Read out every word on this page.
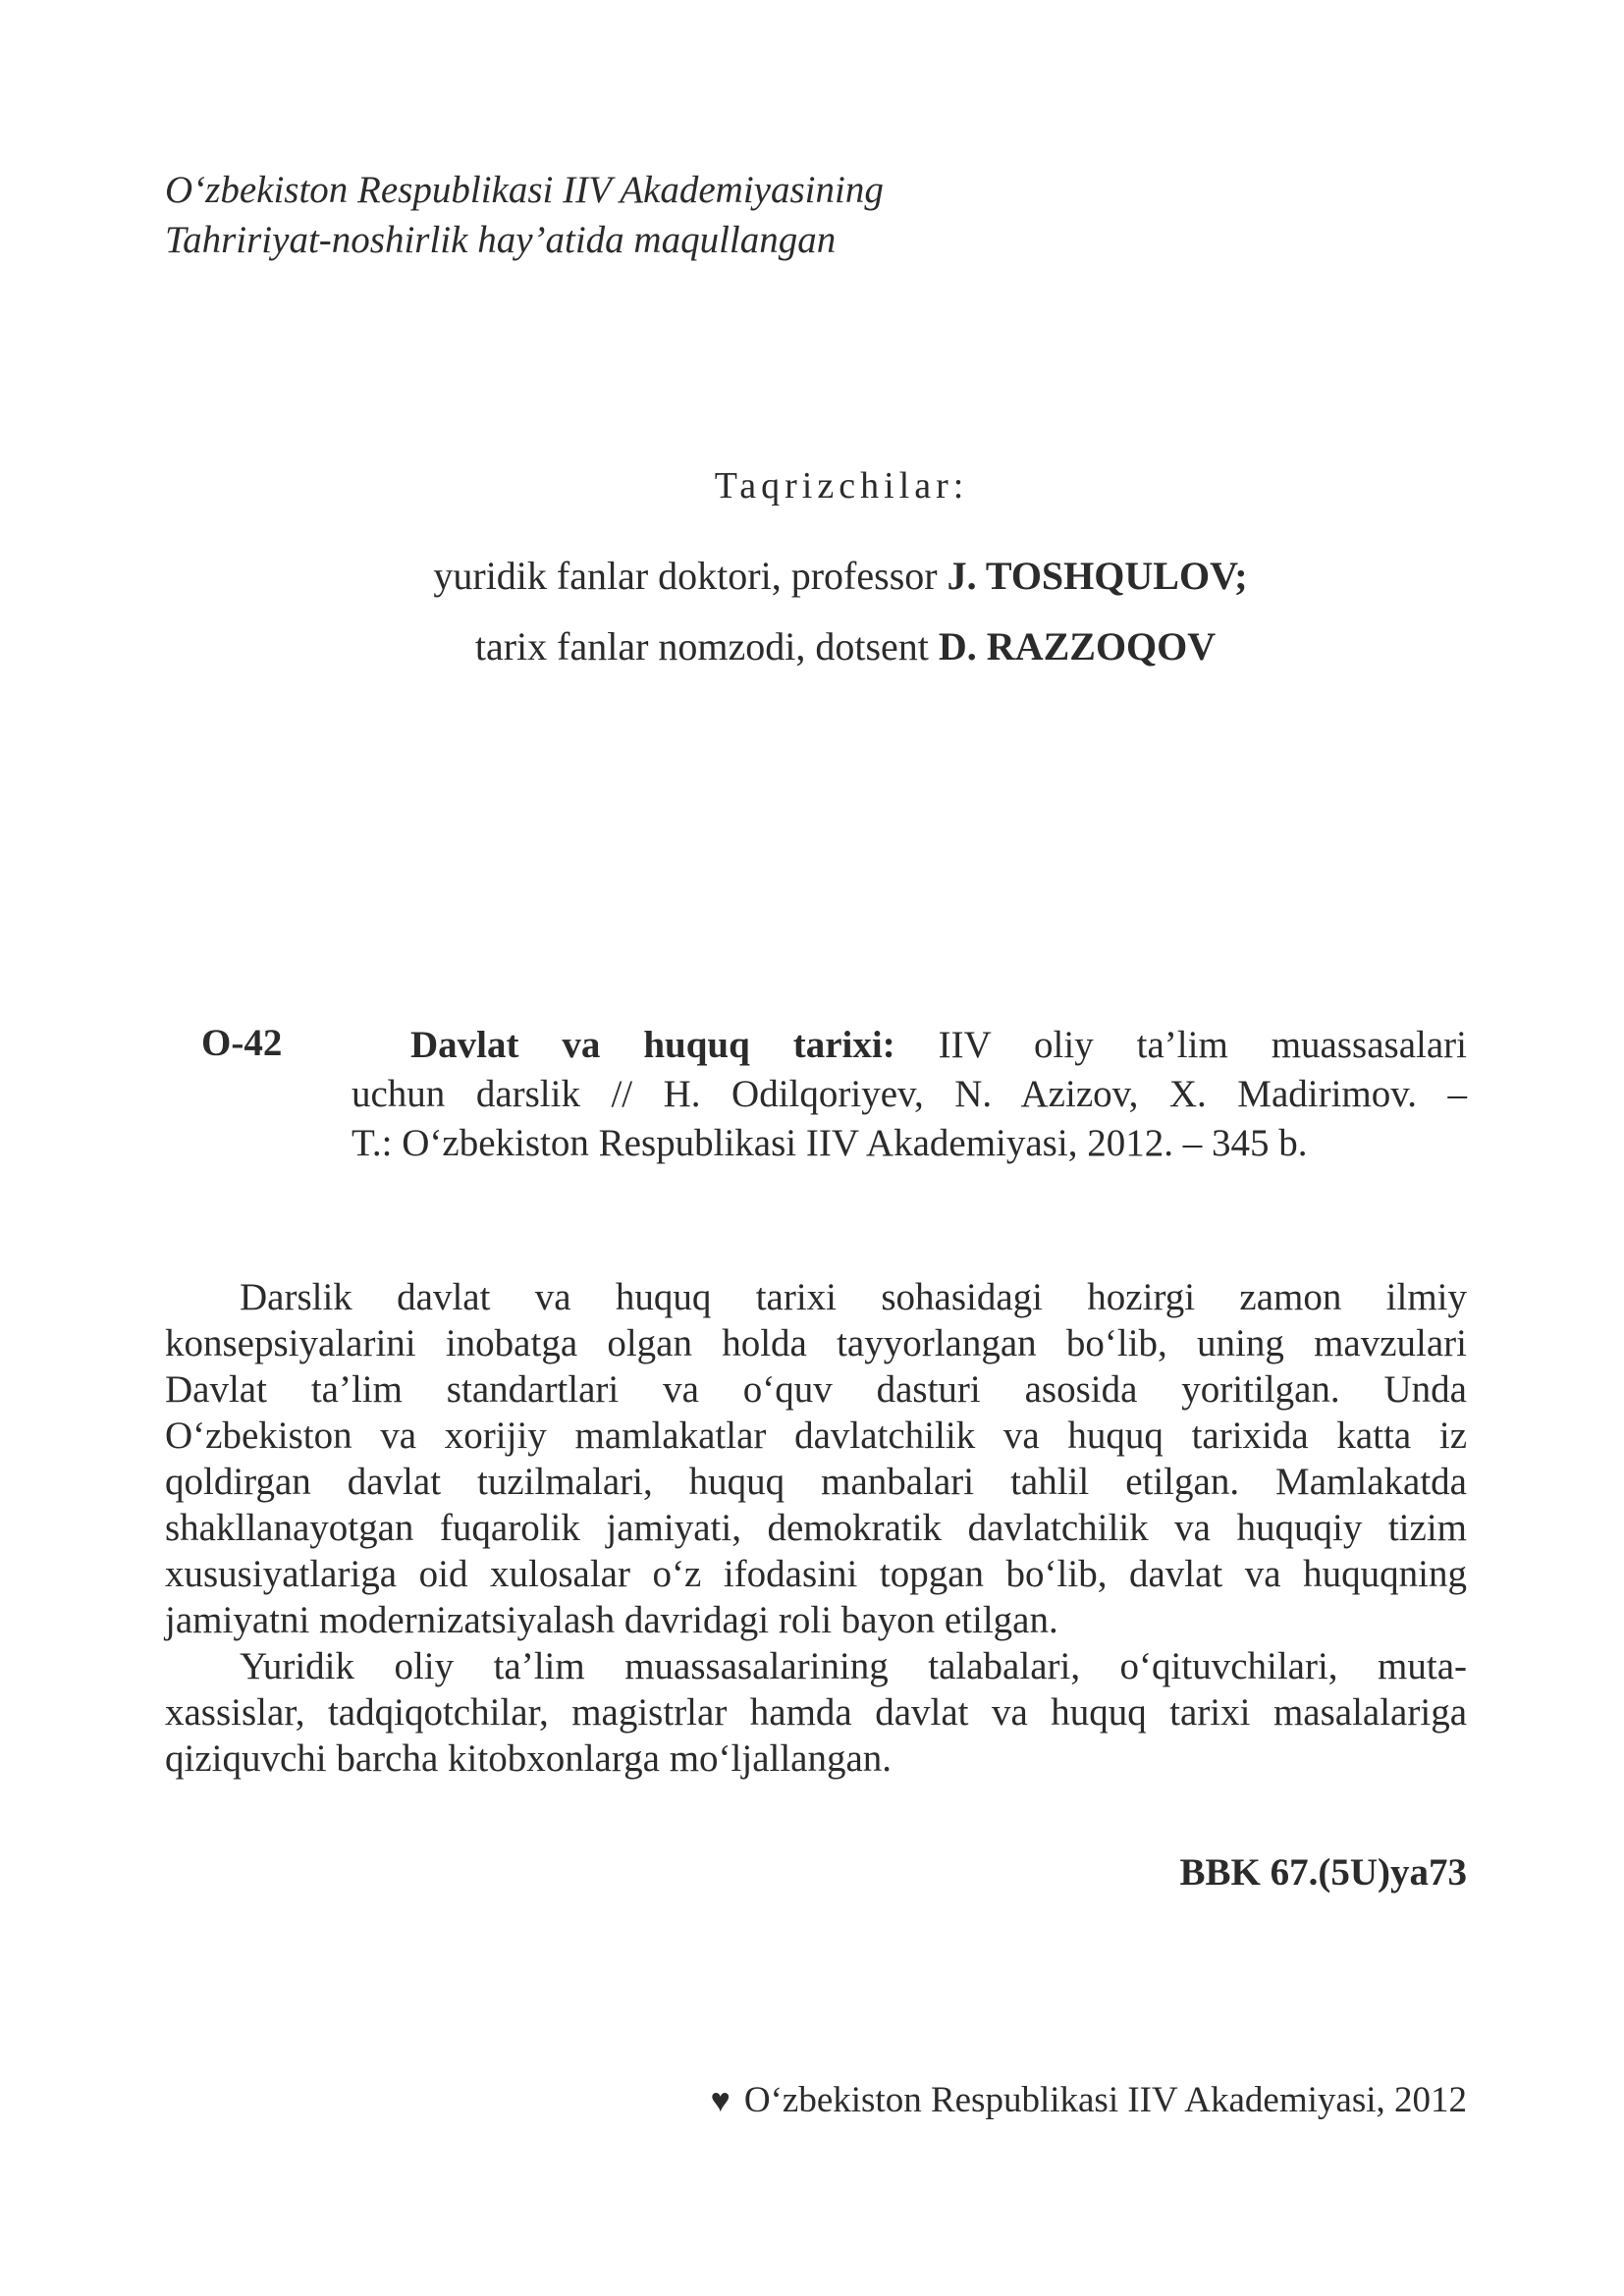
O‘zbekiston Respublikasi IIV Akademiyasining
Tahririyat-noshirlik hay’atida maqullangan
Taqrizchilar:
yuridik fanlar doktori, professor J. TOSHQULOV;
tarix fanlar nomzodi, dotsent D. RAZZOQOV
O-42	Davlat va huquq tarixi: IIV oliy ta’lim muassasalari
uchun darslik // H. Odilqoriyev, N. Azizov, X. Madirimov. –
T.: O‘zbekiston Respublikasi IIV Akademiyasi, 2012. – 345 b.
Darslik davlat va huquq tarixi sohasidagi hozirgi zamon ilmiy
konsepsiyalarini inobatga olgan holda tayyorlangan bo‘lib, uning mavzulari
Davlat ta’lim standartlari va o‘quv dasturi asosida yoritilgan. Unda
O‘zbekiston va xorijiy mamlakatlar davlatchilik va huquq tarixida katta iz
qoldirgan davlat tuzilmalari, huquq manbalari tahlil etilgan. Mamlakatda
shakllanayotgan fuqarolik jamiyati, demokratik davlatchilik va huquqiy tizim
xususiyatlariga oid xulosalar o‘z ifodasini topgan bo‘lib, davlat va huquqning
jamiyatni modernizatsiyalash davridagi roli bayon etilgan.
Yuridik oliy ta’lim muassasalarining talabalari, o‘qituvchilari, muta-
xassislar, tadqiqotchilar, magistrlar hamda davlat va huquq tarixi masalalariga
qiziquvchi barcha kitobxonlarga mo‘ljallangan.
BBK 67.(5U)ya73
♥ O‘zbekiston Respublikasi IIV Akademiyasi, 2012
